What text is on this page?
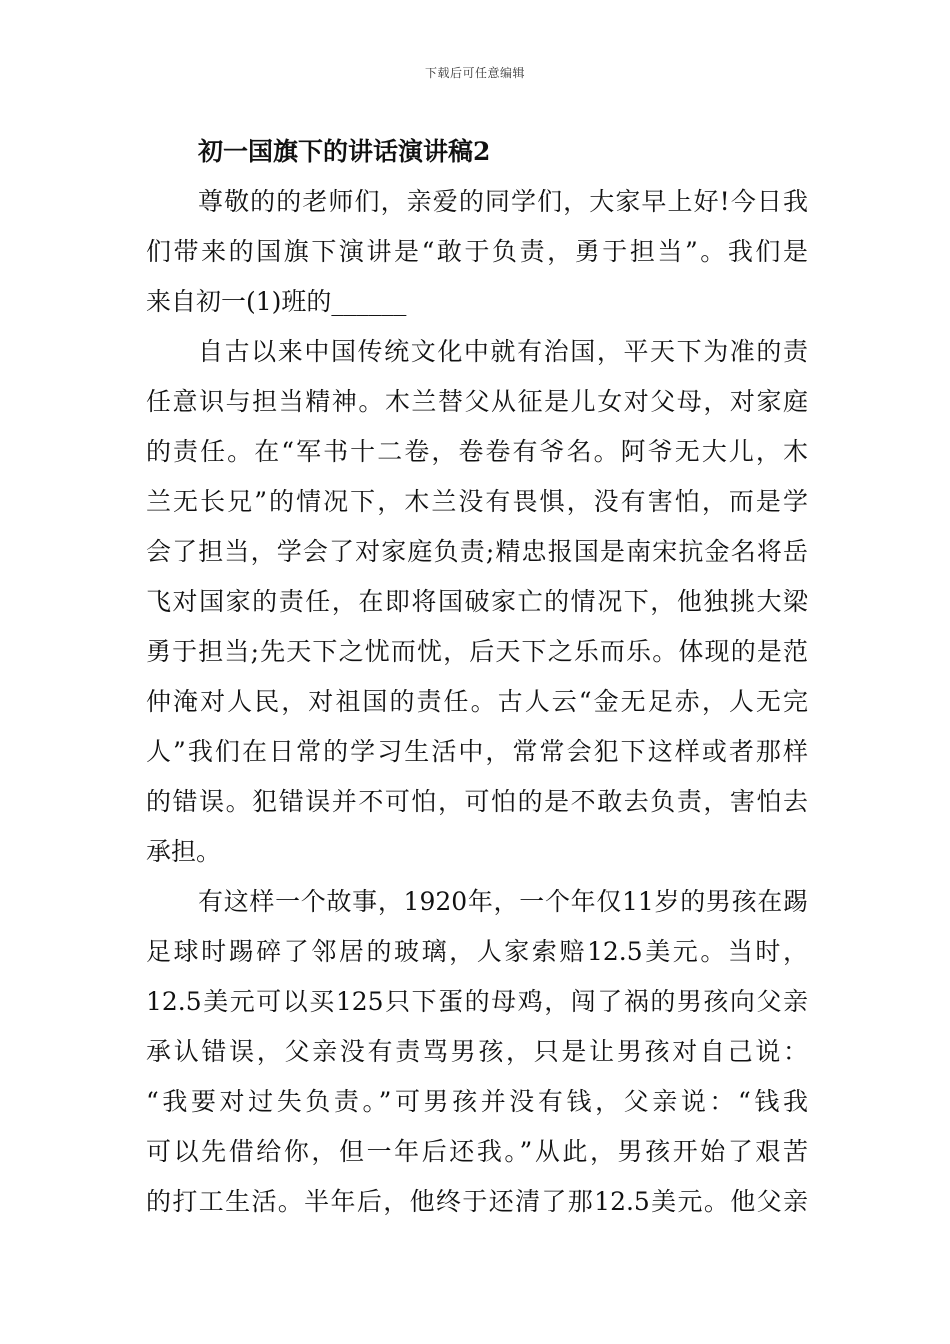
下载后可任意编辑
初一国旗下的讲话演讲稿2

尊敬的的老师们，亲爱的同学们，大家早上好!今日我
们带来的国旗下演讲是“敢于负责，勇于担当”。我们是
来自初一(1)班的______

自古以来中国传统文化中就有治国，平天下为准的责
任意识与担当精神。木兰替父从征是儿女对父母，对家庭
的责任。在“军书十二卷，卷卷有爷名。阿爷无大儿，木
兰无长兄”的情况下，木兰没有畏惧，没有害怕，而是学
会了担当，学会了对家庭负责;精忠报国是南宋抗金名将岳
飞对国家的责任，在即将国破家亡的情况下，他独挑大梁
勇于担当;先天下之忧而忧，后天下之乐而乐。体现的是范
仲淹对人民，对祖国的责任。古人云“金无足赤，人无完
人”我们在日常的学习生活中，常常会犯下这样或者那样
的错误。犯错误并不可怕，可怕的是不敢去负责，害怕去
承担。

有这样一个故事，1920年，一个年仅11岁的男孩在踢
足球时踢碎了邻居的玻璃，人家索赔12.5美元。当时，
12.5美元可以买125只下蛋的母鸡，闯了祸的男孩向父亲
承认错误，父亲没有责骂男孩，只是让男孩对自己说：
“我要对过失负责。”可男孩并没有钱，父亲说：“钱我
可以先借给你，但一年后还我。”从此，男孩开始了艰苦
的打工生活。半年后，他终于还清了那12.5美元。他父亲
